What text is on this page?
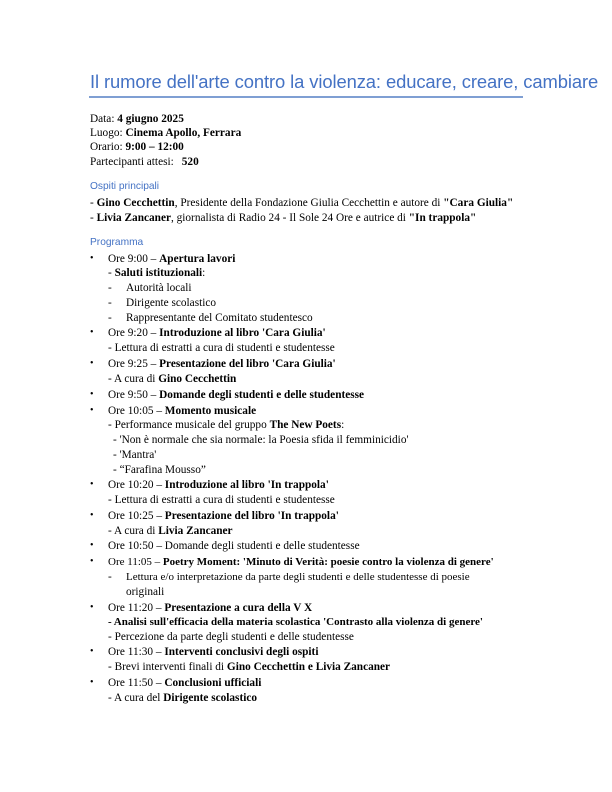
Il rumore dell'arte contro la violenza: educare, creare, cambiare
Data: 4 giugno 2025
Luogo: Cinema Apollo, Ferrara
Orario: 9:00 – 12:00
Partecipanti attesi: 520
Ospiti principali
- Gino Cecchettin, Presidente della Fondazione Giulia Cecchettin e autore di "Cara Giulia"
- Livia Zancaner, giornalista di Radio 24 - Il Sole 24 Ore e autrice di "In trappola"
Programma
• Ore 9:00 – Apertura lavori
- Saluti istituzionali:
- Autorità locali
- Dirigente scolastico
- Rappresentante del Comitato studentesco
• Ore 9:20 – Introduzione al libro 'Cara Giulia'
- Lettura di estratti a cura di studenti e studentesse
• Ore 9:25 – Presentazione del libro 'Cara Giulia'
- A cura di Gino Cecchettin
• Ore 9:50 – Domande degli studenti e delle studentesse
• Ore 10:05 – Momento musicale
- Performance musicale del gruppo The New Poets:
- 'Non è normale che sia normale: la Poesia sfida il femminicidio'
- 'Mantra'
- “Farafina Mousso”
• Ore 10:20 – Introduzione al libro 'In trappola'
- Lettura di estratti a cura di studenti e studentesse
• Ore 10:25 – Presentazione del libro 'In trappola'
- A cura di Livia Zancaner
• Ore 10:50 – Domande degli studenti e delle studentesse
• Ore 11:05 – Poetry Moment: 'Minuto di Verità: poesie contro la violenza di genere'
- Lettura e/o interpretazione da parte degli studenti e delle studentesse di poesie
originali
• Ore 11:20 – Presentazione a cura della V X
- Analisi sull'efficacia della materia scolastica 'Contrasto alla violenza di genere'
- Percezione da parte degli studenti e delle studentesse
• Ore 11:30 – Interventi conclusivi degli ospiti
- Brevi interventi finali di Gino Cecchettin e Livia Zancaner
• Ore 11:50 – Conclusioni ufficiali
- A cura del Dirigente scolastico
